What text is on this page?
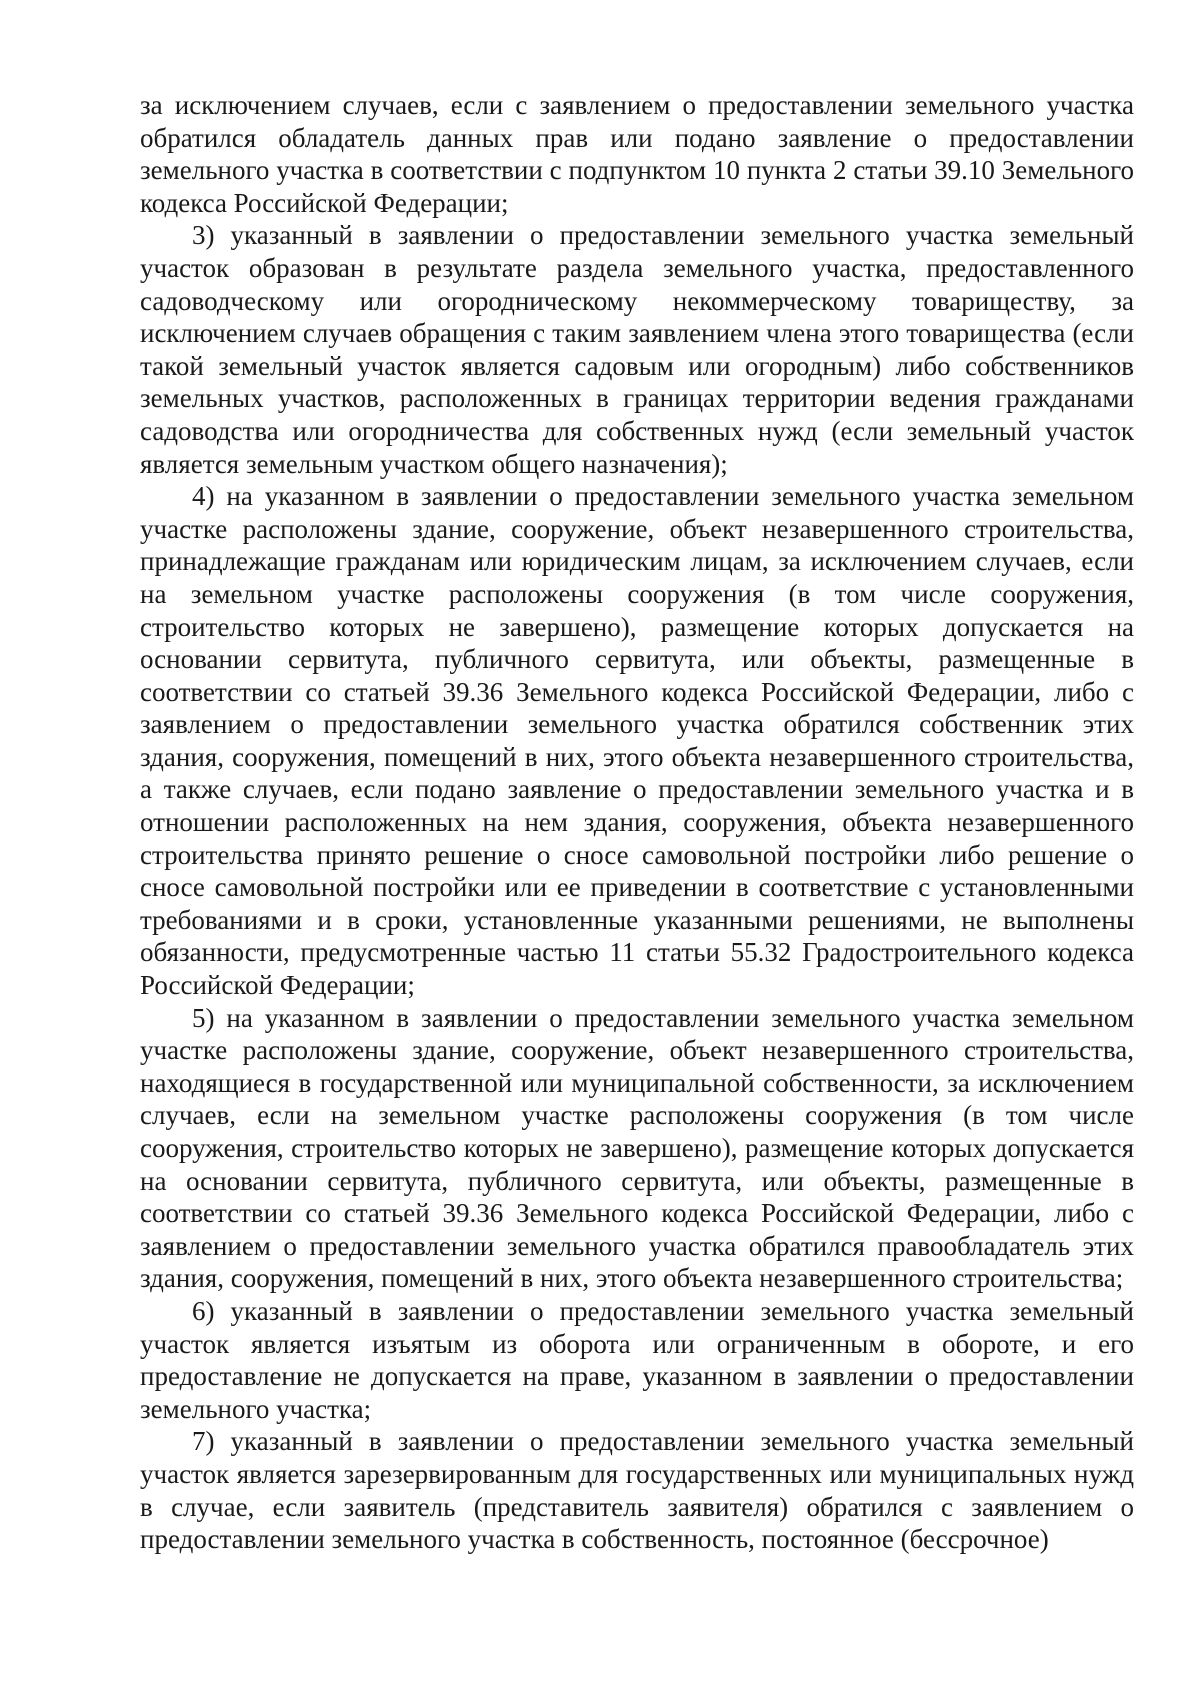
за исключением случаев, если с заявлением о предоставлении земельного участка обратился обладатель данных прав или подано заявление о предоставлении земельного участка в соответствии с подпунктом 10 пункта 2 статьи 39.10 Земельного кодекса Российской Федерации;

3) указанный в заявлении о предоставлении земельного участка земельный участок образован в результате раздела земельного участка, предоставленного садоводческому или огородническому некоммерческому товариществу, за исключением случаев обращения с таким заявлением члена этого товарищества (если такой земельный участок является садовым или огородным) либо собственников земельных участков, расположенных в границах территории ведения гражданами садоводства или огородничества для собственных нужд (если земельный участок является земельным участком общего назначения);

4) на указанном в заявлении о предоставлении земельного участка земельном участке расположены здание, сооружение, объект незавершенного строительства, принадлежащие гражданам или юридическим лицам, за исключением случаев, если на земельном участке расположены сооружения (в том числе сооружения, строительство которых не завершено), размещение которых допускается на основании сервитута, публичного сервитута, или объекты, размещенные в соответствии со статьей 39.36 Земельного кодекса Российской Федерации, либо с заявлением о предоставлении земельного участка обратился собственник этих здания, сооружения, помещений в них, этого объекта незавершенного строительства, а также случаев, если подано заявление о предоставлении земельного участка и в отношении расположенных на нем здания, сооружения, объекта незавершенного строительства принято решение о сносе самовольной постройки либо решение о сносе самовольной постройки или ее приведении в соответствие с установленными требованиями и в сроки, установленные указанными решениями, не выполнены обязанности, предусмотренные частью 11 статьи 55.32 Градостроительного кодекса Российской Федерации;

5) на указанном в заявлении о предоставлении земельного участка земельном участке расположены здание, сооружение, объект незавершенного строительства, находящиеся в государственной или муниципальной собственности, за исключением случаев, если на земельном участке расположены сооружения (в том числе сооружения, строительство которых не завершено), размещение которых допускается на основании сервитута, публичного сервитута, или объекты, размещенные в соответствии со статьей 39.36 Земельного кодекса Российской Федерации, либо с заявлением о предоставлении земельного участка обратился правообладатель этих здания, сооружения, помещений в них, этого объекта незавершенного строительства;

6) указанный в заявлении о предоставлении земельного участка земельный участок является изъятым из оборота или ограниченным в обороте, и его предоставление не допускается на праве, указанном в заявлении о предоставлении земельного участка;

7) указанный в заявлении о предоставлении земельного участка земельный участок является зарезервированным для государственных или муниципальных нужд в случае, если заявитель (представитель заявителя) обратился с заявлением о предоставлении земельного участка в собственность, постоянное (бессрочное)
